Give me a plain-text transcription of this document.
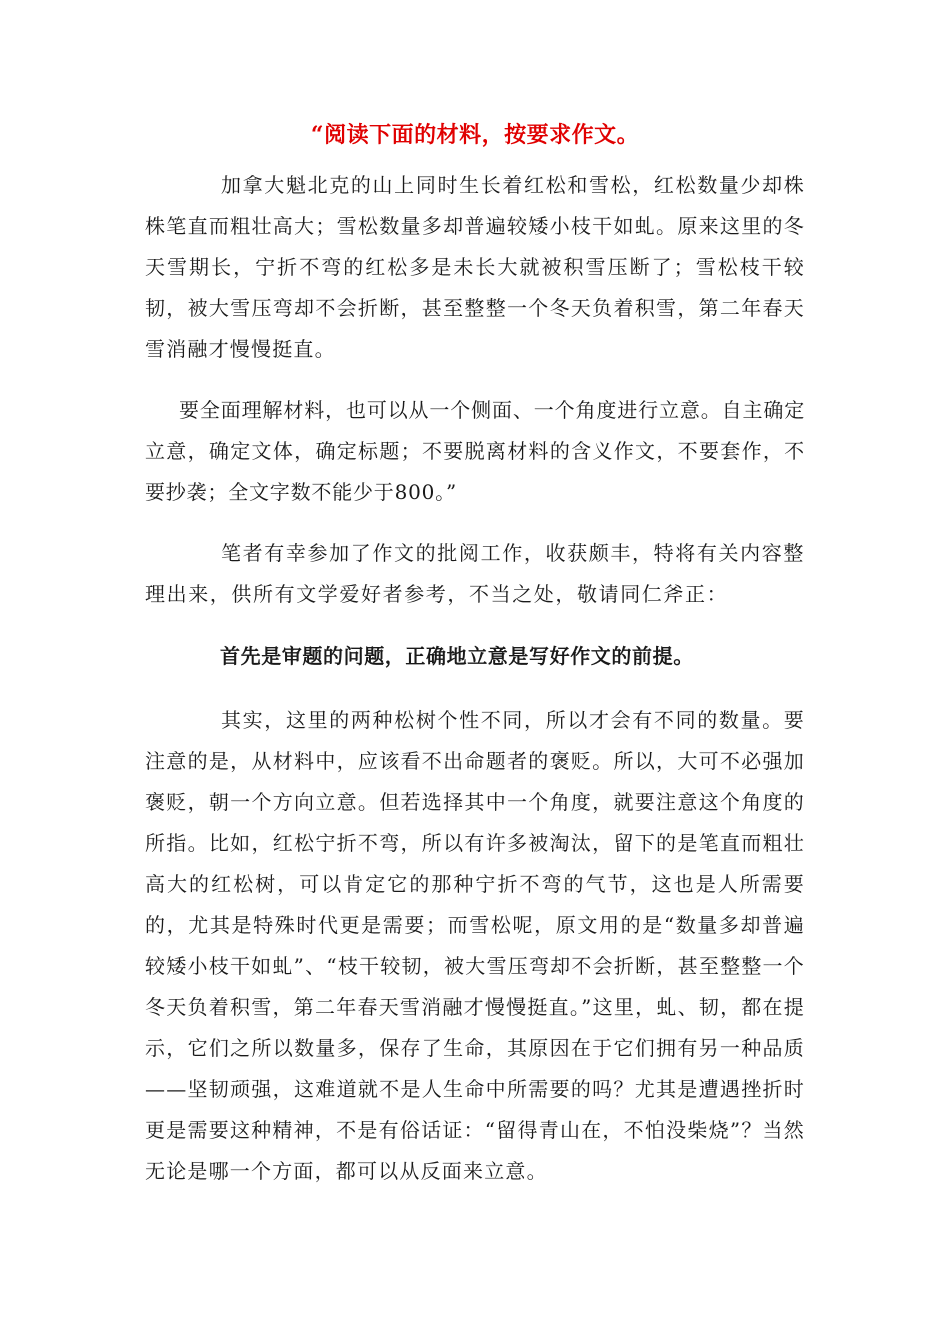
“阅读下面的材料，按要求作文。

加拿大魁北克的山上同时生长着红松和雪松，红松数量少却株株笔直而粗壮高大；雪松数量多却普遍较矮小枝干如虬。原来这里的冬天雪期长，宁折不弯的红松多是未长大就被积雪压断了；雪松枝干较韧，被大雪压弯却不会折断，甚至整整一个冬天负着积雪，第二年春天雪消融才慢慢挺直。

要全面理解材料，也可以从一个侧面、一个角度进行立意。自主确定立意，确定文体，确定标题；不要脱离材料的含义作文，不要套作，不要抄袭；全文字数不能少于800。”

笔者有幸参加了作文的批阅工作，收获颇丰，特将有关内容整理出来，供所有文学爱好者参考，不当之处，敬请同仁斧正：

首先是审题的问题，正确地立意是写好作文的前提。

其实，这里的两种松树个性不同，所以才会有不同的数量。要注意的是，从材料中，应该看不出命题者的褒贬。所以，大可不必强加褒贬，朝一个方向立意。但若选择其中一个角度，就要注意这个角度的所指。比如，红松宁折不弯，所以有许多被淘汰，留下的是笔直而粗壮高大的红松树，可以肯定它的那种宁折不弯的气节，这也是人所需要的，尤其是特殊时代更是需要；而雪松呢，原文用的是“数量多却普遍较矮小枝干如虬”、“枝干较韧，被大雪压弯却不会折断，甚至整整一个冬天负着积雪，第二年春天雪消融才慢慢挺直。”这里，虬、韧，都在提示，它们之所以数量多，保存了生命，其原因在于它们拥有另一种品质——坚韧顽强，这难道就不是人生命中所需要的吗？尤其是遭遇挫折时更是需要这种精神，不是有俗话证：“留得青山在，不怕没柴烧”？当然无论是哪一个方面，都可以从反面来立意。
